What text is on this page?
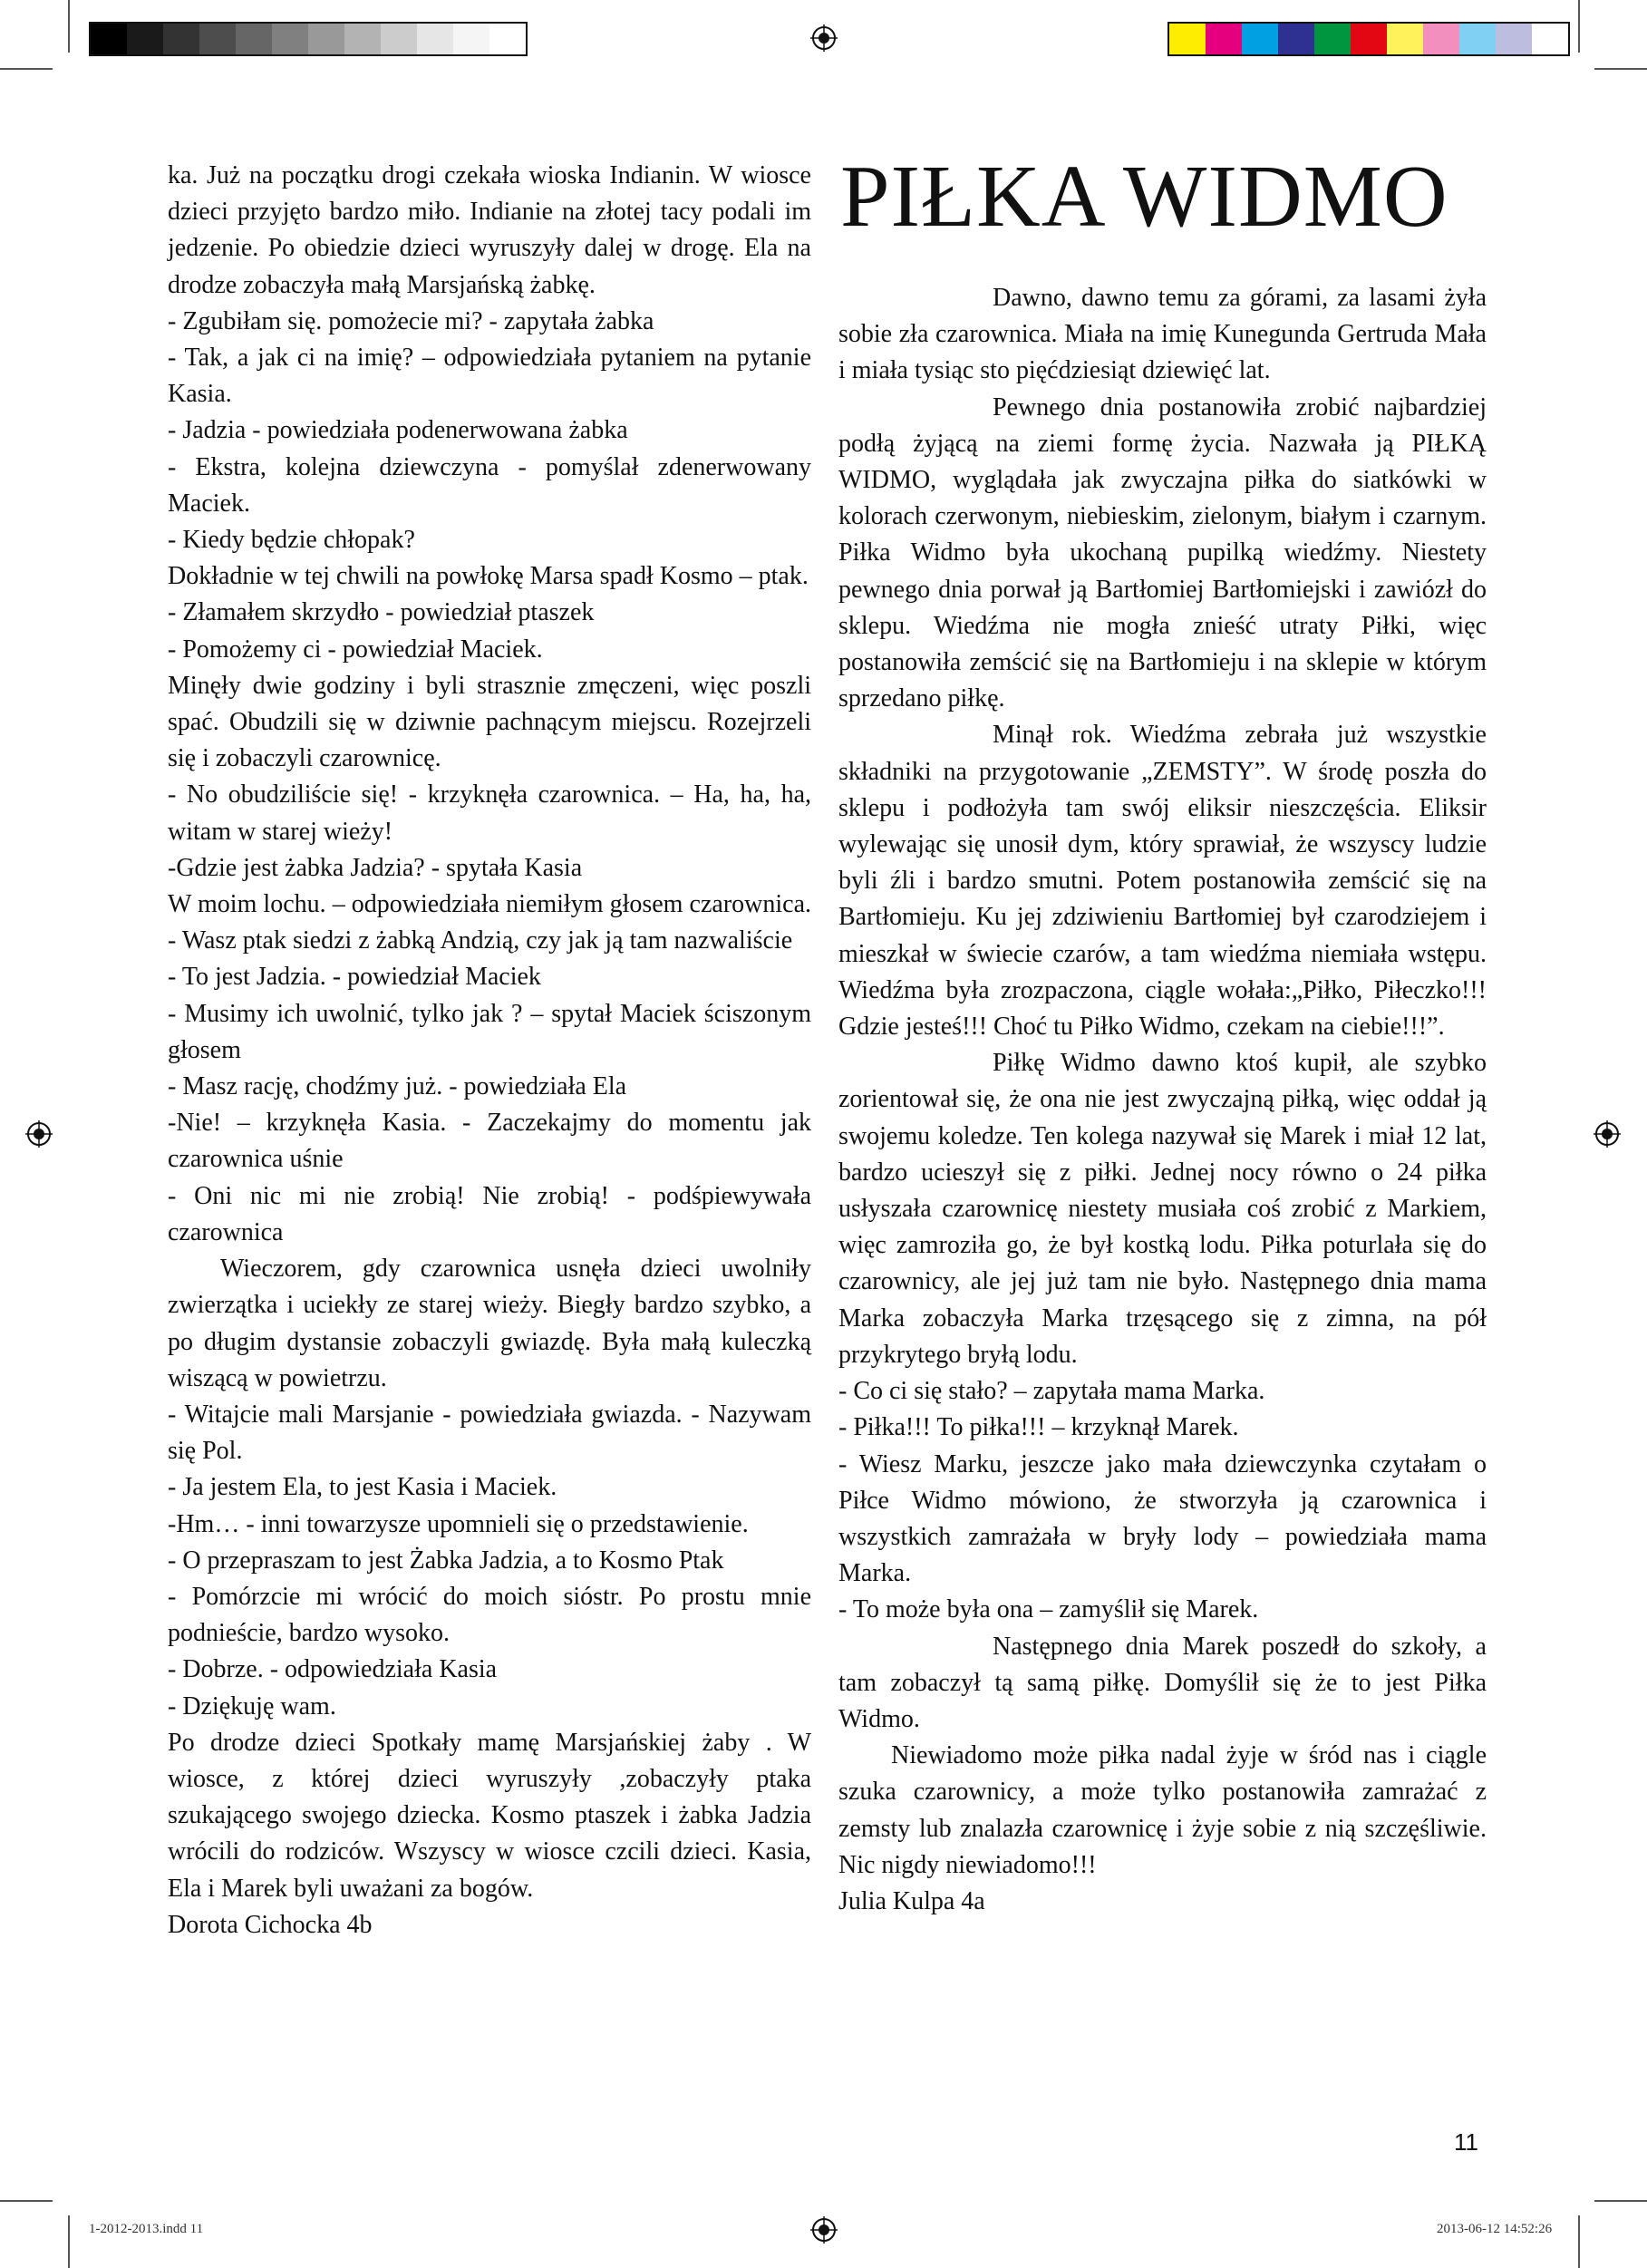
ka. Już na początku drogi czekała wioska Indianin. W wiosce dzieci przyjęto bardzo miło. Indianie na złotej tacy podali im jedzenie. Po obiedzie dzieci wyruszyły dalej w drogę. Ela na drodze zobaczyła małą Marsjańską żabkę.

- Zgubiłam się. pomożecie mi? - zapytała żabka

- Tak, a jak ci na imię? – odpowiedziała pytaniem na pytanie Kasia.

- Jadzia - powiedziała podenerwowana żabka

- Ekstra, kolejna dziewczyna - pomyślał zdenerwowany Maciek.

- Kiedy będzie chłopak?

Dokładnie w tej chwili na powłokę Marsa spadł Kosmo – ptak.

- Złamałem skrzydło - powiedział ptaszek

- Pomożemy ci - powiedział Maciek.

Minęły dwie godziny i byli strasznie zmęczeni, więc poszli spać. Obudzili się w dziwnie pachnącym miejscu. Rozejrzeli się i zobaczyli czarownicę.

- No obudziliście się! - krzyknęła czarownica. – Ha, ha, ha, witam w starej wieży!

-Gdzie jest żabka Jadzia? - spytała Kasia

W moim lochu. – odpowiedziała niemiłym głosem czarownica. - Wasz ptak siedzi z żabką Andzią, czy jak ją tam nazwaliście

- To jest Jadzia. - powiedział Maciek

- Musimy ich uwolnić, tylko jak ? – spytał Maciek ściszonym głosem

- Masz rację, chodźmy już. - powiedziała Ela

-Nie! – krzyknęła Kasia. - Zaczekajmy do momentu jak czarownica uśnie

- Oni nic mi nie zrobią! Nie zrobią! - podśpiewywała czarownica

Wieczorem, gdy czarownica usnęła dzieci uwolniły zwierzątka i uciekły ze starej wieży. Biegły bardzo szybko, a po długim dystansie zobaczyli gwiazdę. Była małą kuleczką wiszącą w powietrzu.

- Witajcie mali Marsjanie - powiedziała gwiazda. - Nazywam się Pol.

- Ja jestem Ela, to jest Kasia i Maciek.

-Hm… - inni towarzysze upomnieli się o przedstawienie.

- O przepraszam to jest Żabka Jadzia, a to Kosmo Ptak

- Pomórzcie mi wrócić do moich sióstr. Po prostu mnie podnieście, bardzo wysoko.

- Dobrze. - odpowiedziała Kasia

- Dziękuję wam.

Po drodze dzieci Spotkały mamę Marsjańskiej żaby . W wiosce, z której dzieci wyruszyły ,zobaczyły ptaka szukającego swojego dziecka. Kosmo ptaszek i żabka Jadzia wrócili do rodziców. Wszyscy w wiosce czcili dzieci. Kasia, Ela i Marek byli uważani za bogów.

Dorota Cichocka 4b

PIŁKA WIDMO

Dawno, dawno temu za górami, za lasami żyła sobie zła czarownica. Miała na imię Kunegunda Gertruda Mała i miała tysiąc sto pięćdziesiąt dziewięć lat.

Pewnego dnia postanowiła zrobić najbardziej podłą żyjącą na ziemi formę życia. Nazwała ją PIŁKĄ WIDMO, wyglądała jak zwyczajna piłka do siatkówki w kolorach czerwonym, niebieskim, zielonym, białym i czarnym. Piłka Widmo była ukochaną pupilką wiedźmy. Niestety pewnego dnia porwał ją Bartłomiej Bartłomiejski i zawiózł do sklepu. Wiedźma nie mogła znieść utraty Piłki, więc postanowiła zemścić się na Bartłomieju i na sklepie w którym sprzedano piłkę.

Minął rok. Wiedźma zebrała już wszystkie składniki na przygotowanie „ZEMSTY”. W środę poszła do sklepu i podłożyła tam swój eliksir nieszczęścia. Eliksir wylewając się unosił dym, który sprawiał, że wszyscy ludzie byli źli i bardzo smutni. Potem postanowiła zemścić się na Bartłomieju. Ku jej zdziwieniu Bartłomiej był czarodziejem i mieszkał w świecie czarów, a tam wiedźma niemiała wstępu. Wiedźma była zrozpaczona, ciągle wołała:„Piłko, Piłeczko!!! Gdzie jesteś!!! Choć tu Piłko Widmo, czekam na ciebie!!!”.

Piłkę Widmo dawno ktoś kupił, ale szybko zorientował się, że ona nie jest zwyczajną piłką, więc oddał ją swojemu koledze. Ten kolega nazywał się Marek i miał 12 lat, bardzo ucieszył się z piłki. Jednej nocy równo o 24 piłka usłyszała czarownicę niestety musiała coś zrobić z Markiem, więc zamroziła go, że był kostką lodu. Piłka poturlała się do czarownicy, ale jej już tam nie było. Następnego dnia mama Marka zobaczyła Marka trzęsącego się z zimna, na pół przykrytego bryłą lodu.

- Co ci się stało? – zapytała mama Marka.

- Piłka!!! To piłka!!! – krzyknął Marek.

- Wiesz Marku, jeszcze jako mała dziewczynka czytałam o Piłce Widmo mówiono, że stworzyła ją czarownica i wszystkich zamrażała w bryły lody – powiedziała mama Marka.

- To może była ona – zamyślił się Marek.

Następnego dnia Marek poszedł do szkoły, a tam zobaczył tą samą piłkę. Domyślił się że to jest Piłka Widmo.

Niewiadomo może piłka nadal żyje w śród nas i ciągle szuka czarownicy, a może tylko postanowiła zamrażać z zemsty lub znalazła czarownicę i żyje sobie z nią szczęśliwie. Nic nigdy niewiadomo!!!

Julia Kulpa 4a

11
1-2012-2013.indd 11	2013-06-12 14:52:26
